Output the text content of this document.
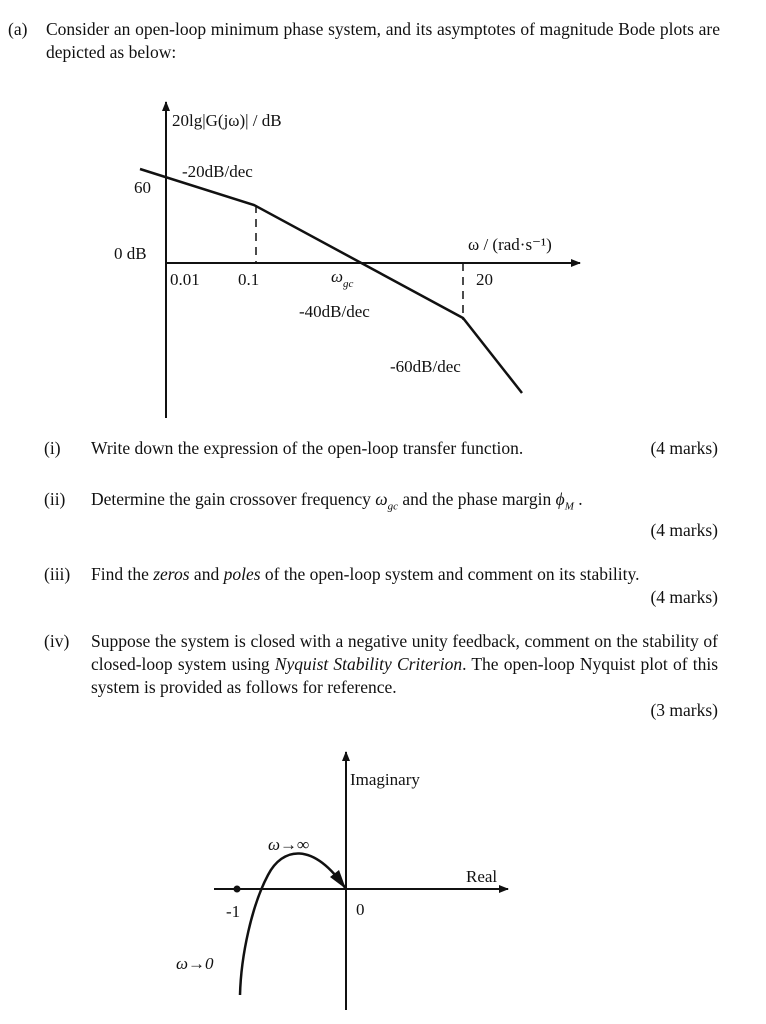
(a) Consider an open-loop minimum phase system, and its asymptotes of magnitude Bode plots are depicted as below:
20lg|G(jω)| / dB
ω / (rad·s⁻¹)
0 dB
60
0.01 0.1	20
$\omega_{gc}$
-20dB/dec
-40dB/dec
-60dB/dec
(i) Write down the expression of the open-loop transfer function.	(4 marks)
(ii) Determine the gain crossover frequency $\omega_{gc}$ and the phase margin $\phi_M$ .
(4 marks)
(iii) Find the zeros and poles of the open-loop system and comment on its stability.
(4 marks)
(iv) Suppose the system is closed with a negative unity feedback, comment on the stability of closed-loop system using Nyquist Stability Criterion. The open-loop Nyquist plot of this system is provided as follows for reference.
(3 marks)
Imaginary
Real
-1	0
ω→∞
ω→0
